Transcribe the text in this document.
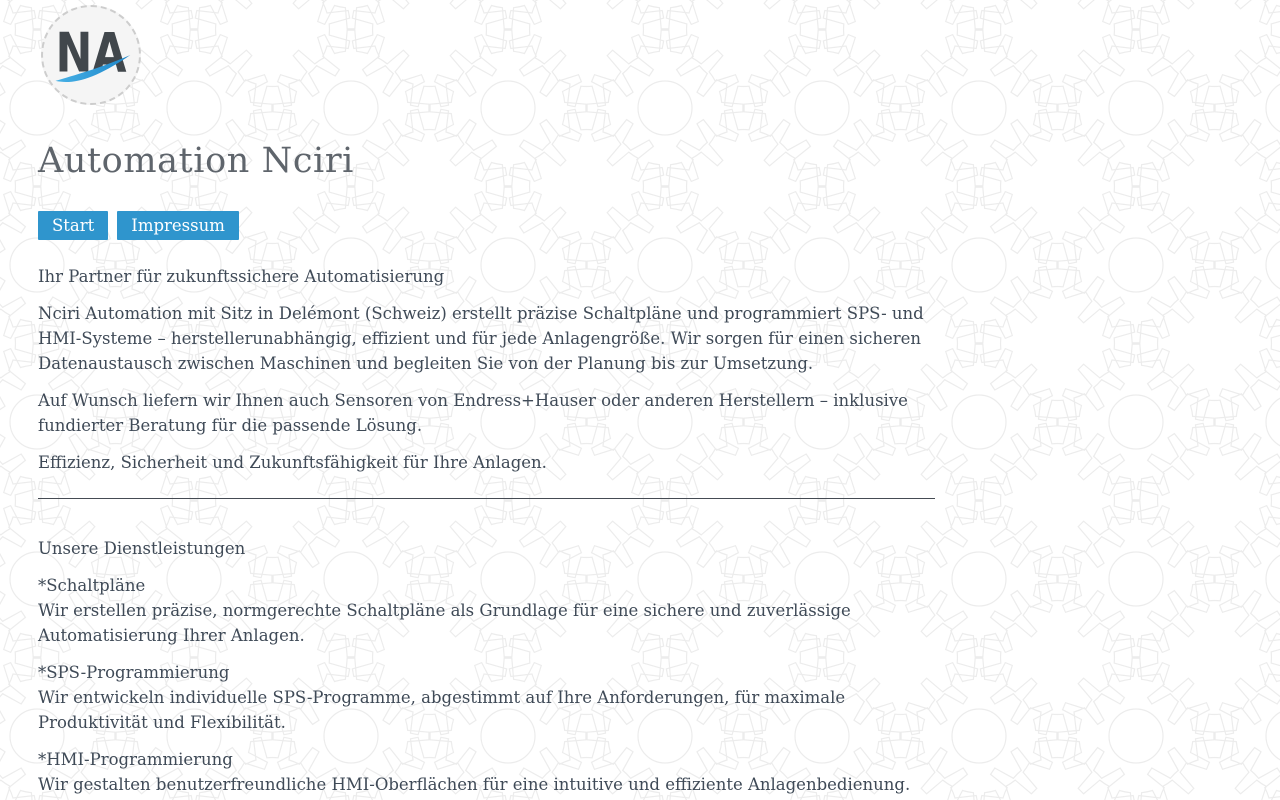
NA
Automation Nciri
Start	Impressum

Ihr Partner für zukunftssichere Automatisierung

Nciri Automation mit Sitz in Delémont (Schweiz) erstellt präzise Schaltpläne und programmiert SPS- und HMI-Systeme – herstellerunabhängig, effizient und für jede Anlagengröße. Wir sorgen für einen sicheren Datenaustausch zwischen Maschinen und begleiten Sie von der Planung bis zur Umsetzung.

Auf Wunsch liefern wir Ihnen auch Sensoren von Endress+Hauser oder anderen Herstellern – inklusive fundierter Beratung für die passende Lösung.

Effizienz, Sicherheit und Zukunftsfähigkeit für Ihre Anlagen.

Unsere Dienstleistungen

*Schaltpläne
Wir erstellen präzise, normgerechte Schaltpläne als Grundlage für eine sichere und zuverlässige Automatisierung Ihrer Anlagen.

*SPS-Programmierung
Wir entwickeln individuelle SPS-Programme, abgestimmt auf Ihre Anforderungen, für maximale Produktivität und Flexibilität.

*HMI-Programmierung
Wir gestalten benutzerfreundliche HMI-Oberflächen für eine intuitive und effiziente Anlagenbedienung.
